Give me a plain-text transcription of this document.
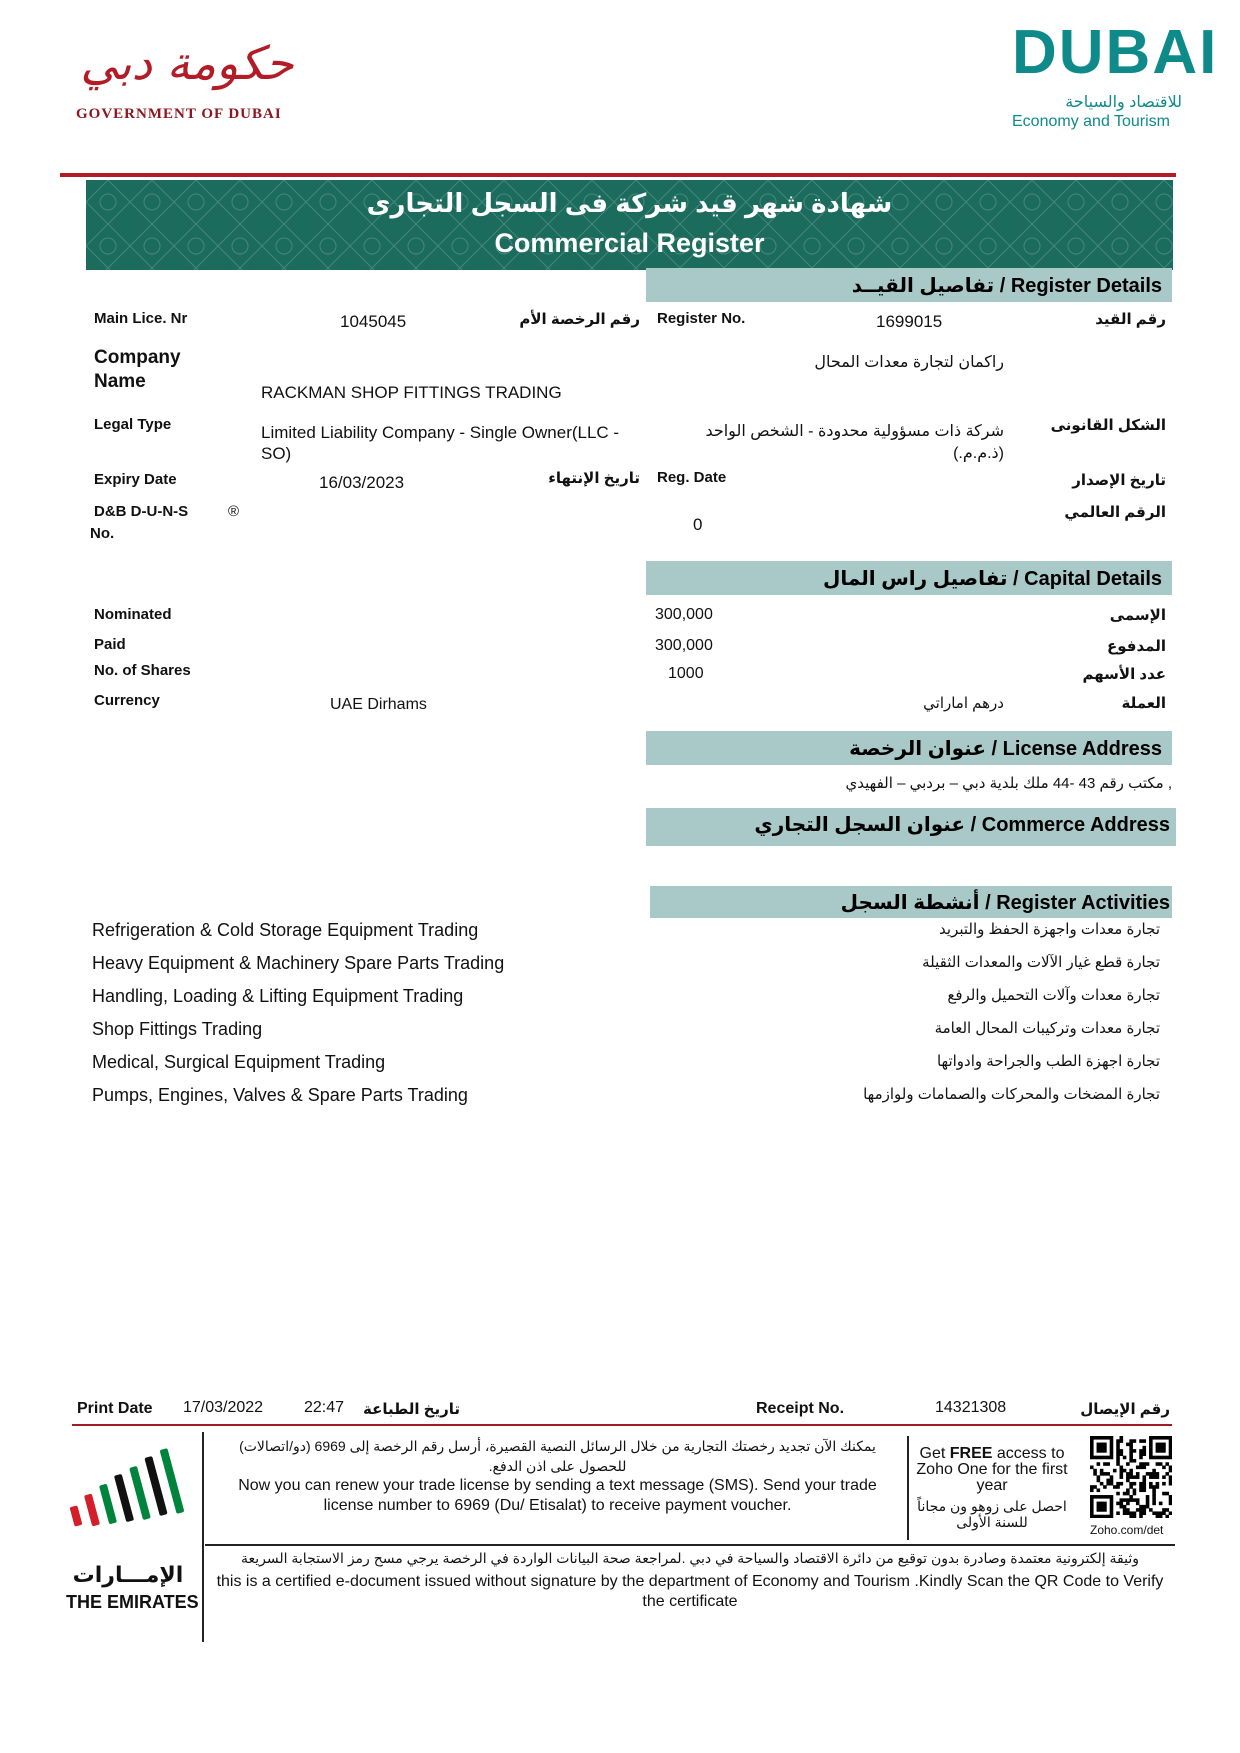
حكومة دبي
GOVERNMENT OF DUBAI
DUBAI
للاقتصاد والسياحة
Economy and Tourism
شهادة شهر قيد شركة فى السجل التجارى
Commercial Register
Register Details / تفاصيل القيــد
Main Lice. Nr	1045045	رقم الرخصة الأم Register No.	1699015	رقم القيد
Company Name
راكمان لتجارة معدات المحال
RACKMAN SHOP FITTINGS TRADING
Legal Type	Limited Liability Company - Single Owner(LLC - SO)
شركة ذات مسؤولية محدودة - الشخص الواحد (ذ.م.م.)
الشكل القانونى
Expiry Date	16/03/2023	تاريخ الإنتهاء Reg. Date	تاريخ الإصدار
D&B D-U-N-S	®
No.	0
الرقم العالمي
Capital Details / تفاصيل راس المال
Nominated	300,000	الإسمى
Paid	300,000	المدفوع
No. of Shares	1000	عدد الأسهم
Currency	UAE Dirhams	درهم اماراتي	العملة
License Address / عنوان الرخصة
, مكتب رقم 43 -44 ملك بلدية دبي – بردبي – الفهيدي
Commerce Address / عنوان السجل التجاري
Register Activities / أنشطة السجل
Refrigeration & Cold Storage Equipment Trading	تجارة معدات واجهزة الحفظ والتبريد
Heavy Equipment & Machinery Spare Parts Trading	تجارة قطع غيار الآلات والمعدات الثقيلة
Handling, Loading & Lifting Equipment Trading	تجارة معدات وآلات التحميل والرفع
Shop Fittings Trading	تجارة معدات وتركيبات المحال العامة
Medical, Surgical Equipment Trading	تجارة اجهزة الطب والجراحة وادواتها
Pumps, Engines, Valves & Spare Parts Trading	تجارة المضخات والمحركات والصمامات ولوازمها
Print Date 17/03/2022	22:47	تاريخ الطباعة	Receipt No.	14321308	رقم الإيصال
الإمـــارات
THE EMIRATES
يمكنك الآن تجديد رخصتك التجارية من خلال الرسائل النصية القصيرة، أرسل رقم الرخصة إلى 6969 (دو/اتصالات) للحصول على اذن الدفع.
Now you can renew your trade license by sending a text message (SMS). Send your trade license number to 6969 (Du/ Etisalat) to receive payment voucher.
Get FREE access to Zoho One for the first year
احصل على زوهو ون مجاناً للسنة الأولى	Zoho.com/det
وثيقة إلكترونية معتمدة وصادرة بدون توقيع من دائرة الاقتصاد والسياحة في دبي .لمراجعة صحة البيانات الواردة في الرخصة يرجي مسح رمز الاستجابة السريعة
this is a certified e-document issued without signature by the department of Economy and Tourism .Kindly Scan the QR Code to Verify the certificate
